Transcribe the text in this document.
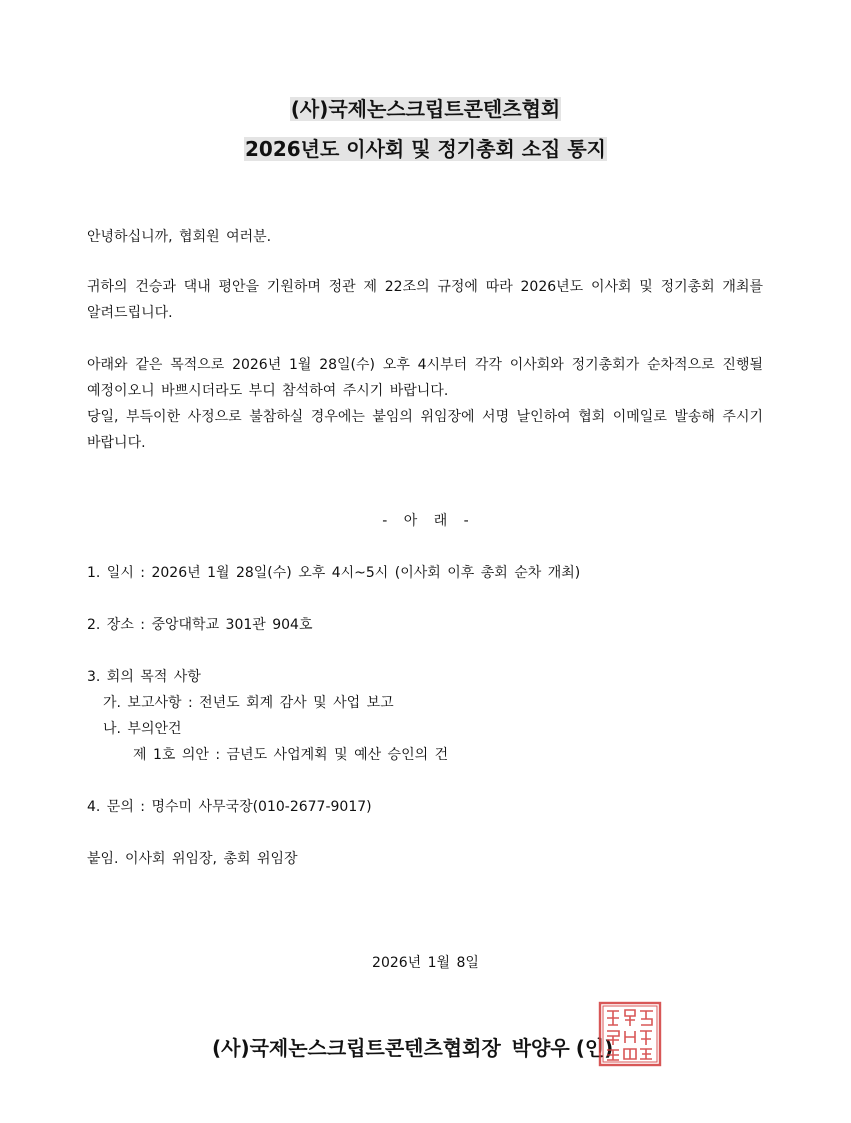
(사)국제논스크립트콘텐츠협회
2026년도 이사회 및 정기총회 소집 통지
안녕하십니까, 협회원 여러분.
귀하의 건승과 댁내 평안을 기원하며 정관 제 22조의 규정에 따라 2026년도 이사회 및 정기총회 개최를 알려드립니다.
아래와 같은 목적으로 2026년 1월 28일(수) 오후 4시부터 각각 이사회와 정기총회가 순차적으로 진행될 예정이오니 바쁘시더라도 부디 참석하여 주시기 바랍니다.
당일, 부득이한 사정으로 불참하실 경우에는 붙임의 위임장에 서명 날인하여 협회 이메일로 발송해 주시기 바랍니다.
- 아 래 -
1. 일시 : 2026년 1월 28일(수) 오후 4시~5시 (이사회 이후 총회 순차 개최)
2. 장소 : 중앙대학교 301관 904호
3. 회의 목적 사항
가. 보고사항 : 전년도 회계 감사 및 사업 보고
나. 부의안건
제 1호 의안 : 금년도 사업계획 및 예산 승인의 건
4. 문의 : 명수미 사무국장(010-2677-9017)
붙임. 이사회 위임장, 총회 위임장
2026년 1월 8일
(사)국제논스크립트콘텐츠협회장 박양우 (인)
